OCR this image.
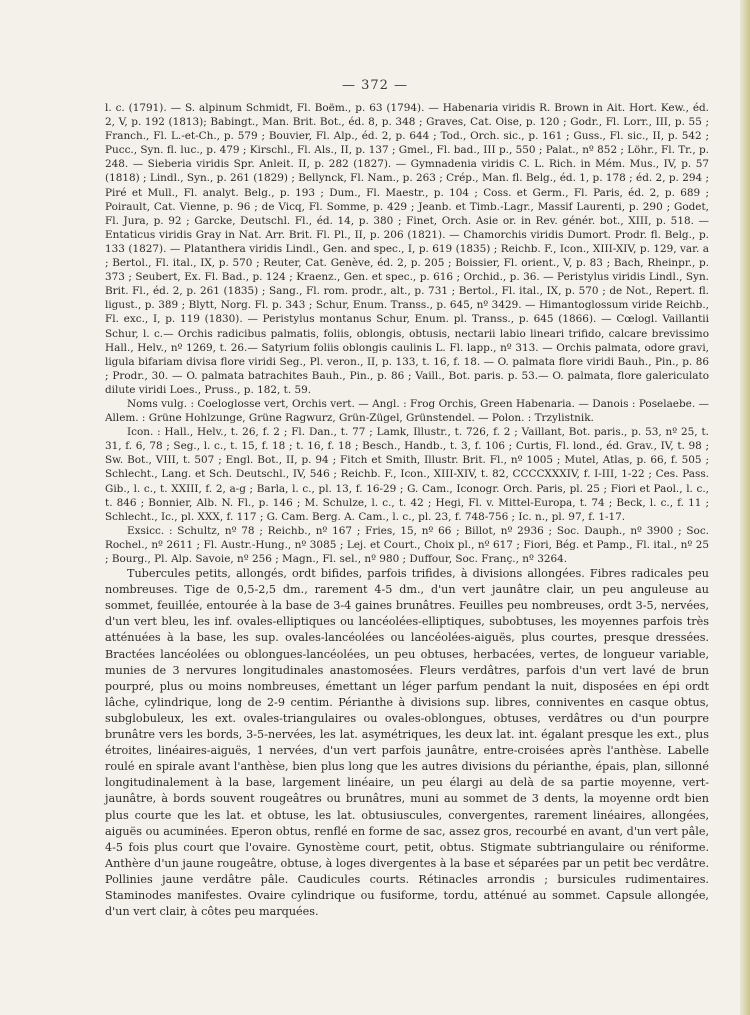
— 372 —

l. c. (1791). — S. alpinum Schmidt, Fl. Boëm., p. 63 (1794). — Habenaria viridis R. Brown in Ait. Hort. Kew., éd. 2, V, p. 192 (1813); Babingt., Man. Brit. Bot., éd. 8, p. 348 ; Graves, Cat. Oise, p. 120 ; Godr., Fl. Lorr., III, p. 55 ; Franch., Fl. L.-et-Ch., p. 579 ; Bouvier, Fl. Alp., éd. 2, p. 644 ; Tod., Orch. sic., p. 161 ; Guss., Fl. sic., II, p. 542 ; Pucc., Syn. fl. luc., p. 479 ; Kirschl., Fl. Als., II, p. 137 ; Gmel., Fl. bad., III p., 550 ; Palat., nº 852 ; Löhr., Fl. Tr., p. 248. — Sieberia viridis Spr. Anleit. II, p. 282 (1827). — Gymnadenia viridis C. L. Rich. in Mém. Mus., IV, p. 57 (1818) ; Lindl., Syn., p. 261 (1829) ; Bellynck, Fl. Nam., p. 263 ; Crép., Man. fl. Belg., éd. 1, p. 178 ; éd. 2, p. 294 ; Piré et Mull., Fl. analyt. Belg., p. 193 ; Dum., Fl. Maestr., p. 104 ; Coss. et Germ., Fl. Paris, éd. 2, p. 689 ; Poirault, Cat. Vienne, p. 96 ; de Vicq, Fl. Somme, p. 429 ; Jeanb. et Timb.-Lagr., Massif Laurenti, p. 290 ; Godet, Fl. Jura, p. 92 ; Garcke, Deutschl. Fl., éd. 14, p. 380 ; Finet, Orch. Asie or. in Rev. génér. bot., XIII, p. 518. — Entaticus viridis Gray in Nat. Arr. Brit. Fl. Pl., II, p. 206 (1821). — Chamorchis viridis Dumort. Prodr. fl. Belg., p. 133 (1827). — Platanthera viridis Lindl., Gen. and spec., I, p. 619 (1835) ; Reichb. F., Icon., XIII-XIV, p. 129, var. a ; Bertol., Fl. ital., IX, p. 570 ; Reuter, Cat. Genève, éd. 2, p. 205 ; Boissier, Fl. orient., V, p. 83 ; Bach, Rheinpr., p. 373 ; Seubert, Ex. Fl. Bad., p. 124 ; Kraenz., Gen. et spec., p. 616 ; Orchid., p. 36. — Peristylus viridis Lindl., Syn. Brit. Fl., éd. 2, p. 261 (1835) ; Sang., Fl. rom. prodr., alt., p. 731 ; Bertol., Fl. ital., IX, p. 570 ; de Not., Repert. fl. ligust., p. 389 ; Blytt, Norg. Fl. p. 343 ; Schur, Enum. Transs., p. 645, nº 3429. — Himantoglossum viride Reichb., Fl. exc., I, p. 119 (1830). — Peristylus montanus Schur, Enum. pl. Transs., p. 645 (1866). — Cœlogl. Vaillantii Schur, l. c.— Orchis radicibus palmatis, foliis, oblongis, obtusis, nectarii labio lineari trifido, calcare brevissimo Hall., Helv., nº 1269, t. 26.— Satyrium foliis oblongis caulinis L. Fl. lapp., nº 313. — Orchis palmata, odore gravi, ligula bifariam divisa flore viridi Seg., Pl. veron., II, p. 133, t. 16, f. 18. — O. palmata flore viridi Bauh., Pin., p. 86 ; Prodr., 30. — O. palmata batrachites Bauh., Pin., p. 86 ; Vaill., Bot. paris. p. 53.— O. palmata, flore galericulato dilute viridi Loes., Pruss., p. 182, t. 59.

Noms vulg. : Coeloglosse vert, Orchis vert. — Angl. : Frog Orchis, Green Habenaria. — Danois : Poselaebe. — Allem. : Grüne Hohlzunge, Grüne Ragwurz, Grün-Zügel, Grünstendel. — Polon. : Trzylistnik.

Icon. : Hall., Helv., t. 26, f. 2 ; Fl. Dan., t. 77 ; Lamk, Illustr., t. 726, f. 2 ; Vaillant, Bot. paris., p. 53, nº 25, t. 31, f. 6, 78 ; Seg., l. c., t. 15, f. 18 ; t. 16, f. 18 ; Besch., Handb., t. 3, f. 106 ; Curtis, Fl. lond., éd. Grav., IV, t. 98 ; Sw. Bot., VIII, t. 507 ; Engl. Bot., II, p. 94 ; Fitch et Smith, Illustr. Brit. Fl., nº 1005 ; Mutel, Atlas, p. 66, f. 505 ; Schlecht., Lang. et Sch. Deutschl., IV, 546 ; Reichb. F., Icon., XIII-XIV, t. 82, CCCCXXXIV, f. I-III, 1-22 ; Ces. Pass. Gib., l. c., t. XXIII, f. 2, a-g ; Barla, l. c., pl. 13, f. 16-29 ; G. Cam., Iconogr. Orch. Paris, pl. 25 ; Fiori et Paol., l. c., t. 846 ; Bonnier, Alb. N. Fl., p. 146 ; M. Schulze, l. c., t. 42 ; Hegi, Fl. v. Mittel-Europa, t. 74 ; Beck, l. c., f. 11 ; Schlecht., Ic., pl. XXX, f. 117 ; G. Cam. Berg. A. Cam., l. c., pl. 23, f. 748-756 ; Ic. n., pl. 97, f. 1-17.

Exsicc. : Schultz, nº 78 ; Reichb., nº 167 ; Fries, 15, nº 66 ; Billot, nº 2936 ; Soc. Dauph., nº 3900 ; Soc. Rochel., nº 2611 ; Fl. Austr.-Hung., nº 3085 ; Lej. et Court., Choix pl., nº 617 ; Fiori, Bég. et Pamp., Fl. ital., nº 25 ; Bourg., Pl. Alp. Savoie, nº 256 ; Magn., Fl. sel., nº 980 ; Duffour, Soc. Franç., nº 3264.

Tubercules petits, allongés, ordt bifides, parfois trifides, à divisions allongées. Fibres radicales peu nombreuses. Tige de 0,5-2,5 dm., rarement 4-5 dm., d'un vert jaunâtre clair, un peu anguleuse au sommet, feuillée, entourée à la base de 3-4 gaines brunâtres. Feuilles peu nombreuses, ordt 3-5, nervées, d'un vert bleu, les inf. ovales-elliptiques ou lancéolées-elliptiques, subobtuses, les moyennes parfois très atténuées à la base, les sup. ovales-lancéolées ou lancéolées-aiguës, plus courtes, presque dressées. Bractées lancéolées ou oblongues-lancéolées, un peu obtuses, herbacées, vertes, de longueur variable, munies de 3 nervures longitudinales anastomosées. Fleurs verdâtres, parfois d'un vert lavé de brun pourpré, plus ou moins nombreuses, émettant un léger parfum pendant la nuit, disposées en épi ordt lâche, cylindrique, long de 2-9 centim. Périanthe à divisions sup. libres, conniventes en casque obtus, subglobuleux, les ext. ovales-triangulaires ou ovales-oblongues, obtuses, verdâtres ou d'un pourpre brunâtre vers les bords, 3-5-nervées, les lat. asymétriques, les deux lat. int. égalant presque les ext., plus étroites, linéaires-aiguës, 1 nervées, d'un vert parfois jaunâtre, entre-croisées après l'anthèse. Labelle roulé en spirale avant l'anthèse, bien plus long que les autres divisions du périanthe, épais, plan, sillonné longitudinalement à la base, largement linéaire, un peu élargi au delà de sa partie moyenne, vert-jaunâtre, à bords souvent rougeâtres ou brunâtres, muni au sommet de 3 dents, la moyenne ordt bien plus courte que les lat. et obtuse, les lat. obtusiuscules, convergentes, rarement linéaires, allongées, aiguës ou acuminées. Eperon obtus, renflé en forme de sac, assez gros, recourbé en avant, d'un vert pâle, 4-5 fois plus court que l'ovaire. Gynostème court, petit, obtus. Stigmate subtriangulaire ou réniforme. Anthère d'un jaune rougeâtre, obtuse, à loges divergentes à la base et séparées par un petit bec verdâtre. Pollinies jaune verdâtre pâle. Caudicules courts. Rétinacles arrondis ; bursicules rudimentaires. Staminodes manifestes. Ovaire cylindrique ou fusiforme, tordu, atténué au sommet. Capsule allongée, d'un vert clair, à côtes peu marquées.
